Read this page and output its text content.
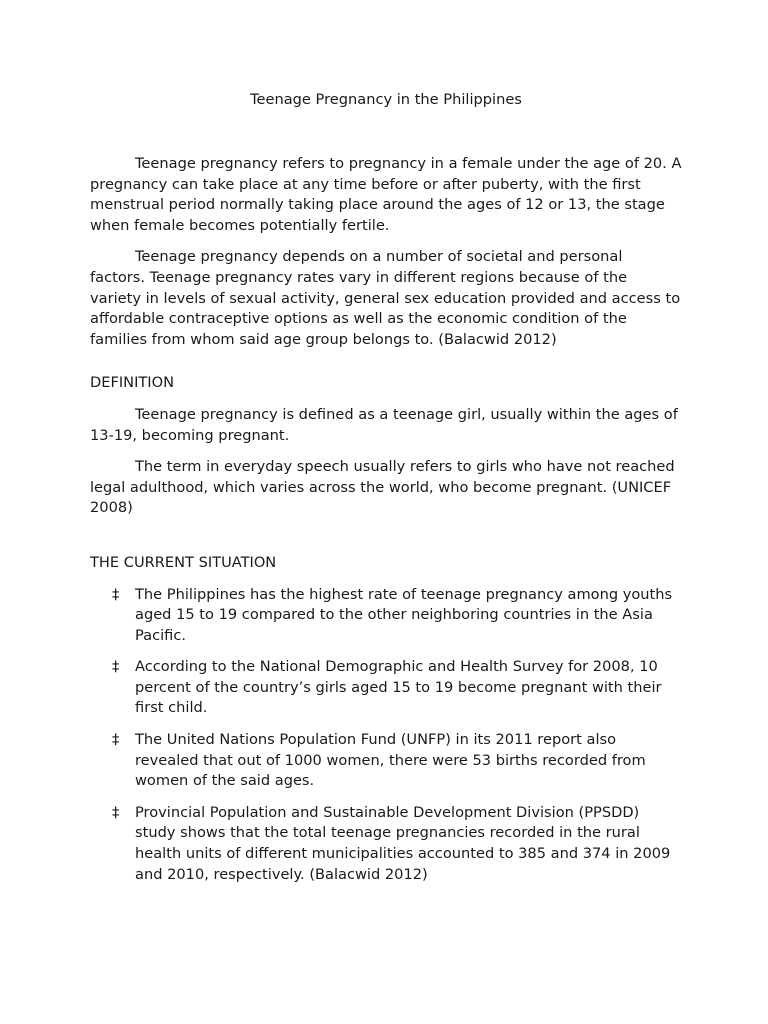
Teenage Pregnancy in the Philippines

Teenage pregnancy refers to pregnancy in a female under the age of 20. A pregnancy can take place at any time before or after puberty, with the first menstrual period normally taking place around the ages of 12 or 13, the stage when female becomes potentially fertile.

Teenage pregnancy depends on a number of societal and personal factors. Teenage pregnancy rates vary in different regions because of the variety in levels of sexual activity, general sex education provided and access to affordable contraceptive options as well as the economic condition of the families from whom said age group belongs to. (Balacwid 2012)

DEFINITION

Teenage pregnancy is defined as a teenage girl, usually within the ages of 13-19, becoming pregnant.

The term in everyday speech usually refers to girls who have not reached legal adulthood, which varies across the world, who become pregnant. (UNICEF 2008)

THE CURRENT SITUATION
‡ The Philippines has the highest rate of teenage pregnancy among youths aged 15 to 19 compared to the other neighboring countries in the Asia Pacific.
‡ According to the National Demographic and Health Survey for 2008, 10 percent of the country’s girls aged 15 to 19 become pregnant with their first child.
‡ The United Nations Population Fund (UNFP) in its 2011 report also revealed that out of 1000 women, there were 53 births recorded from women of the said ages.
‡ Provincial Population and Sustainable Development Division (PPSDD) study shows that the total teenage pregnancies recorded in the rural health units of different municipalities accounted to 385 and 374 in 2009 and 2010, respectively. (Balacwid 2012)
